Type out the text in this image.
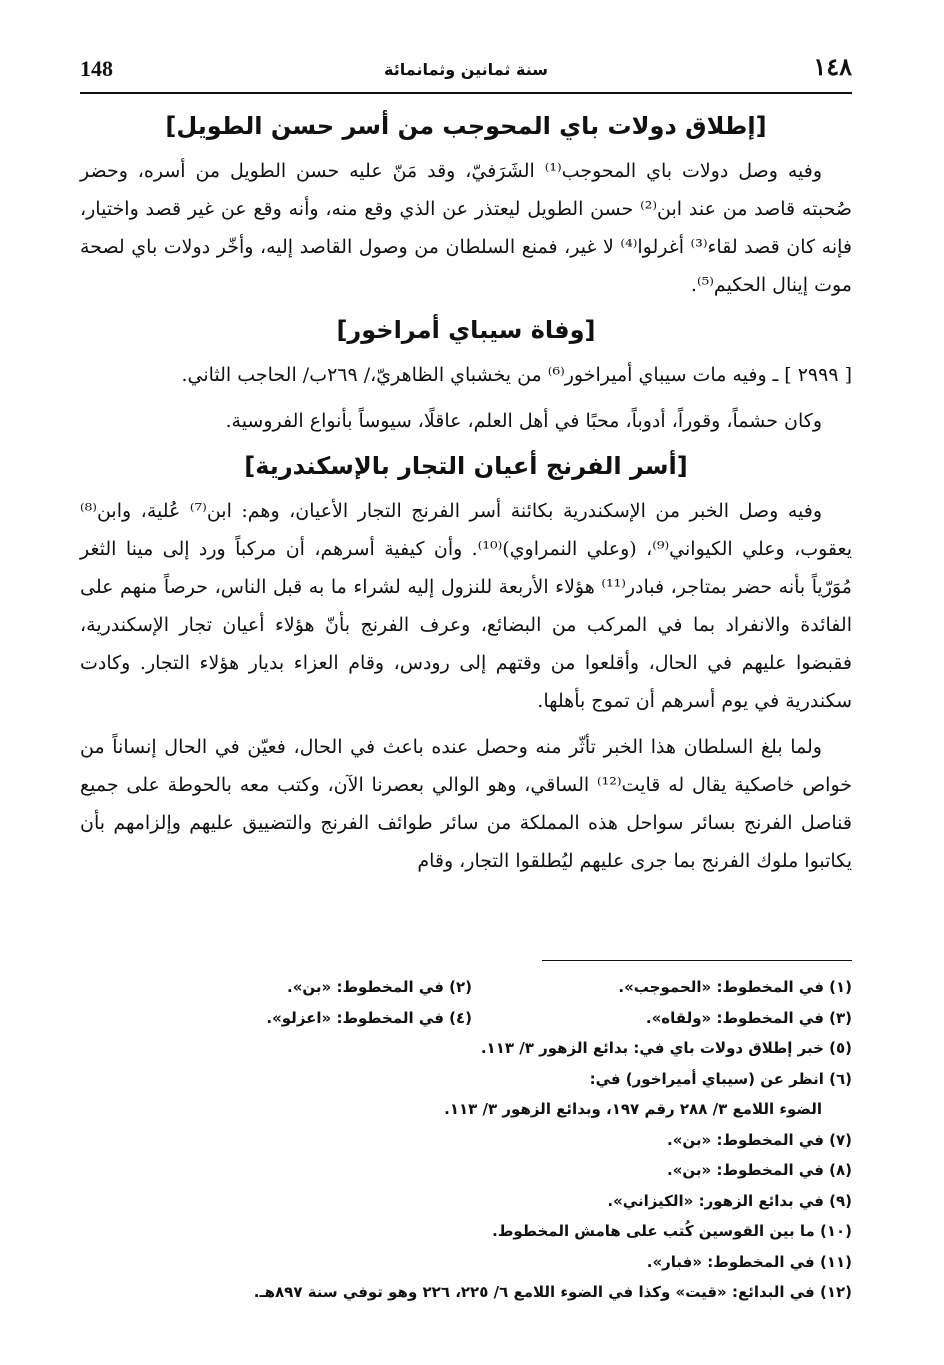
148	سنة ثمانين وثمانمائة	١٤٨
[إطلاق دولات باي المحوجب من أسر حسن الطويل]

وفيه وصل دولات باي المحوجب⁽¹⁾ الشَرَفيّ، وقد مَنّ عليه حسن الطويل من أسره، وحضر صُحبته قاصد من عند ابن⁽²⁾ حسن الطويل ليعتذر عن الذي وقع منه، وأنه وقع عن غير قصد واختيار، فإنه كان قصد لقاء⁽³⁾ أغرلوا⁽⁴⁾ لا غير، فمنع السلطان من وصول القاصد إليه، وأخّر دولات باي لصحة موت إينال الحكيم⁽⁵⁾.

[وفاة سيباي أمراخور]

[ ٢٩٩٩ ] ـ وفيه مات سيباي أميراخور⁽⁶⁾ من يخشباي الظاهريّ،/ ٢٦٩ب/ الحاجب الثاني.

وكان حشماً، وقوراً، أدوباً، محبًا في أهل العلم، عاقلًا، سيوساً بأنواع الفروسية.

[أسر الفرنج أعيان التجار بالإسكندرية]

وفيه وصل الخبر من الإسكندرية بكائنة أسر الفرنج التجار الأعيان، وهم: ابن⁽⁷⁾ عُلية، وابن⁽⁸⁾ يعقوب، وعلي الكيواني⁽⁹⁾، (وعلي النمراوي)⁽¹⁰⁾. وأن كيفية أسرهم، أن مركباً ورد إلى مينا الثغر مُوَرّياً بأنه حضر بمتاجر، فبادر⁽¹¹⁾ هؤلاء الأربعة للنزول إليه لشراء ما به قبل الناس، حرصاً منهم على الفائدة والانفراد بما في المركب من البضائع، وعرف الفرنج بأنّ هؤلاء أعيان تجار الإسكندرية، فقبضوا عليهم في الحال، وأقلعوا من وقتهم إلى رودس، وقام العزاء بديار هؤلاء التجار. وكادت سكندرية في يوم أسرهم أن تموج بأهلها.

ولما بلغ السلطان هذا الخبر تأثّر منه وحصل عنده باعث في الحال، فعيّن في الحال إنساناً من خواص خاصكية يقال له قايت⁽¹²⁾ الساقي، وهو الوالي بعصرنا الآن، وكتب معه بالحوطة على جميع قناصل الفرنج بسائر سواحل هذه المملكة من سائر طوائف الفرنج والتضييق عليهم وإلزامهم بأن يكاتبوا ملوك الفرنج بما جرى عليهم ليُطلقوا التجار، وقام

(١) في المخطوط: «الحموجب».
(٢) في المخطوط: «بن».
(٣) في المخطوط: «ولقاه».
(٤) في المخطوط: «اعزلو».
(٥) خبر إطلاق دولات باي في: بدائع الزهور ٣/ ١١٣.
(٦) انظر عن (سيباي أميراخور) في:
الضوء اللامع ٣/ ٢٨٨ رقم ١٩٧، وبدائع الزهور ٣/ ١١٣.
(٧) في المخطوط: «بن».
(٨) في المخطوط: «بن».
(٩) في بدائع الزهور: «الكيزاني».
(١٠) ما بين القوسين كُتب على هامش المخطوط.
(١١) في المخطوط: «فبار».
(١٢) في البدائع: «قيت» وكذا في الضوء اللامع ٦/ ٢٢٥، ٢٢٦ وهو توفي سنة ٨٩٧هـ.
